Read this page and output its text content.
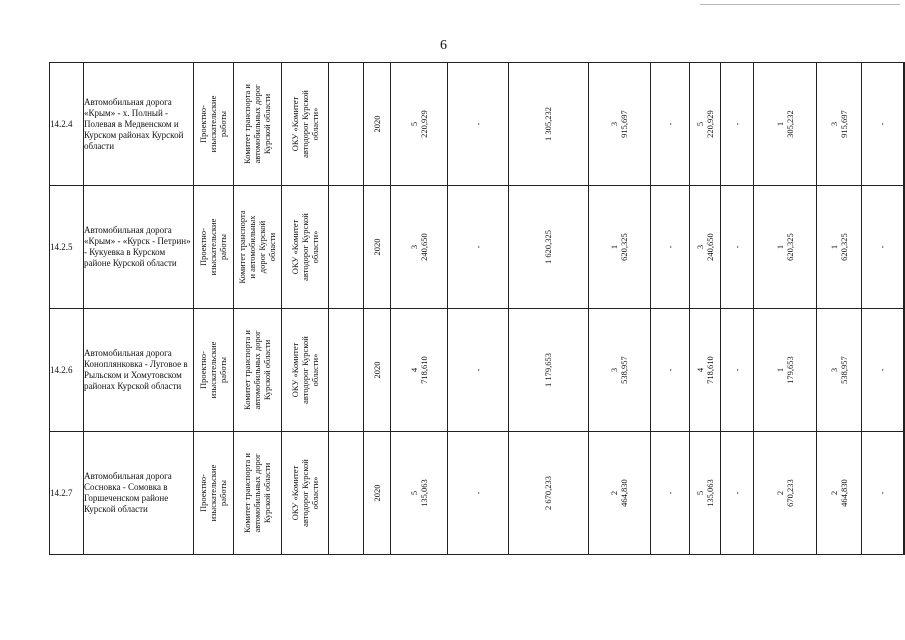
6
14.2.4	Автомобильная дорога «Крым» - х. Полный - Полевая в Медвенском и Курском районах Курской области	Проектно-
изыскательские
работы	Комитет транспорта и
автомобильных дорог
Курской области	ОКУ «Комитет
автодорог Курской
области»		2020	5 220,929	-	1 305,232	3 915,697	-	5 220,929	-	1 305,232	3 915,697	-

14.2.5	Автомобильная дорога «Крым» - «Курск - Петрин» - Кукуевка в Курском районе Курской области	Проектно-
изыскательские
работы	Комитет транспорта
и автомобильных
дорог Курской
области	ОКУ «Комитет
автодорог Курской
области»		2020	3 240,650	-	1 620,325	1 620,325	-	3 240,650	-	1 620,325	1 620,325	-

14.2.6	Автомобильная дорога Коноплянковка - Луговое в Рыльском и Хомутовском районах Курской области	Проектно-
изыскательские
работы	Комитет транспорта и
автомобильных дорог
Курской области	ОКУ «Комитет
автодорог Курской
области»		2020	4 718,610	-	1 179,653	3 538,957	-	4 718,610	-	1 179,653	3 538,957	-

14.2.7	Автомобильная дорога Сосновка - Сомовка в Горшеченском районе Курской области	Проектно-
изыскательские
работы	Комитет транспорта и
автомобильных дорог
Курской области	ОКУ «Комитет
автодорог Курской
области»		2020	5 135,063	-	2 670,233	2 464,830	-	5 135,063	-	2 670,233	2 464,830	-
